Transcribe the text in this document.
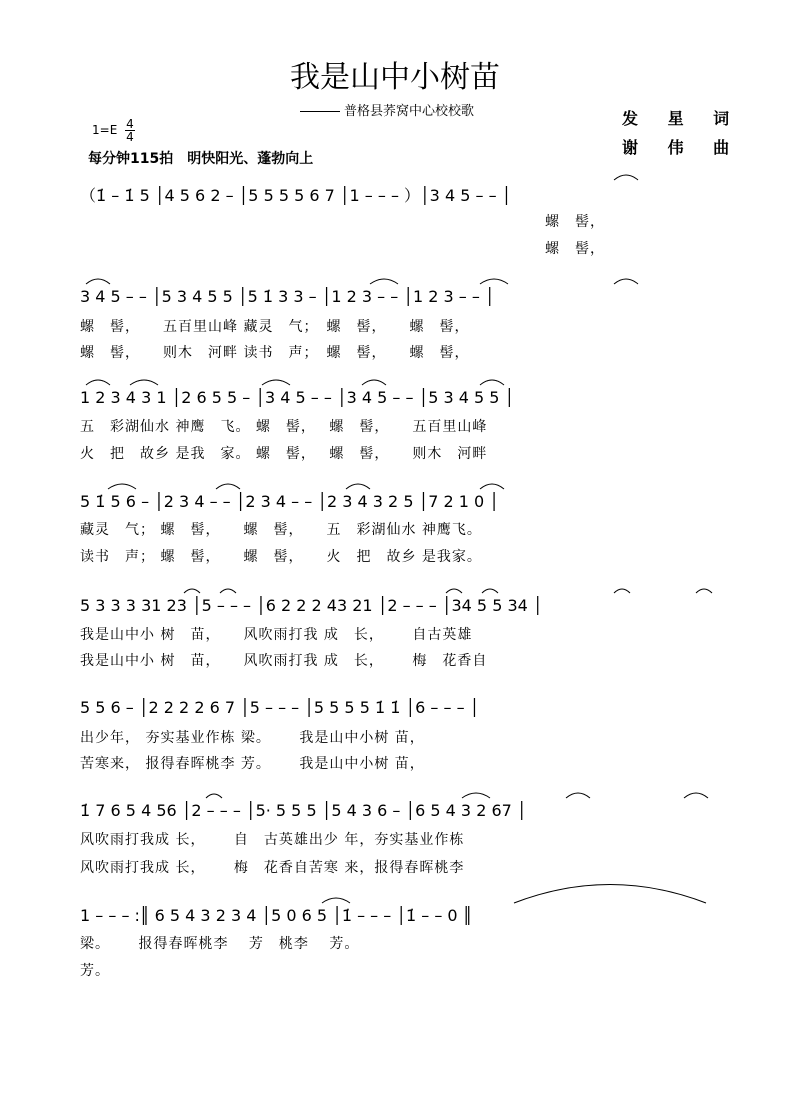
我是山中小树苗
普格县荞窝中心校校歌	发 星 词
谢 伟 曲
$1=E \frac{4}{4}$
每分钟115拍　明快阳光、蓬勃向上
（1̇ – 1̇ 5 │4 5 6 2 – │5 5 5 5 6 7 │1 – – – ）│3 4 5 – – │
　　　　　　　　　　　　　　　　　　　　　　　　　　　　　　　螺　髻，
　　　　　　　　　　　　　　　　　　　　　　　　　　　　　　　螺　髻，
3 4 5 – – │5 3 4 5 5 │5 1̇ 3 3 – │1 2 3 – – │1 2 3 – – │
螺　髻，　　五百里山峰 藏灵　气；　螺　髻，　　螺　髻，
螺　髻，　　则木　河畔 读书　声；　螺　髻，　　螺　髻，
1 2 3 4 3 1 │2 6 5 5 – │3 4 5 – – │3 4 5 – – │5 3 4 5 5 │
五　彩湖仙水 神鹰　飞。 螺　髻，　 螺　髻，　　五百里山峰
火　把　故乡 是我　家。 螺　髻，　 螺　髻，　　则木　河畔
5 1̇ 5 6 – │2 3 4 – – │2 3 4 – – │2 3 4 3 2 5 │7 2 1 0 │
藏灵　气； 螺　髻，　　螺　髻，　　五　彩湖仙水 神鹰飞。
读书　声； 螺　髻，　　螺　髻，　　火　把　故乡 是我家。
5 3 3 3 31 23 │5 – – – │6 2 2 2 43 21 │2 – – – │34 5 5 34 │
我是山中小 树　苗，　　风吹雨打我 成　长，　　 自古英雄
我是山中小 树　苗，　　风吹雨打我 成　长，　　 梅　花香自
5 5 6 – │2 2 2 2 6 7 │5 – – – │5 5 5 5 1̇ 1̇ │6 – – – │
出少年， 夯实基业作栋 梁。　　 我是山中小树 苗，
苦寒来， 报得春晖桃李 芳。　　 我是山中小树 苗，
1̇ 7 6 5 4 56 │2 – – – │5· 5 5 5 │5 4 3 6 – │6 5 4 3 2 67 │
风吹雨打我成 长，　　 自　古英雄出少 年，夯实基业作栋
风吹雨打我成 长，　　 梅　花香自苦寒 来，报得春晖桃李
1 – – – :║ 6 5 4 3 2 3 4 │5 0 6 5 │1̇ – – – │1̇ – – 0 ║
梁。　　 报得春晖桃李　 芳　桃李　 芳。
芳。
